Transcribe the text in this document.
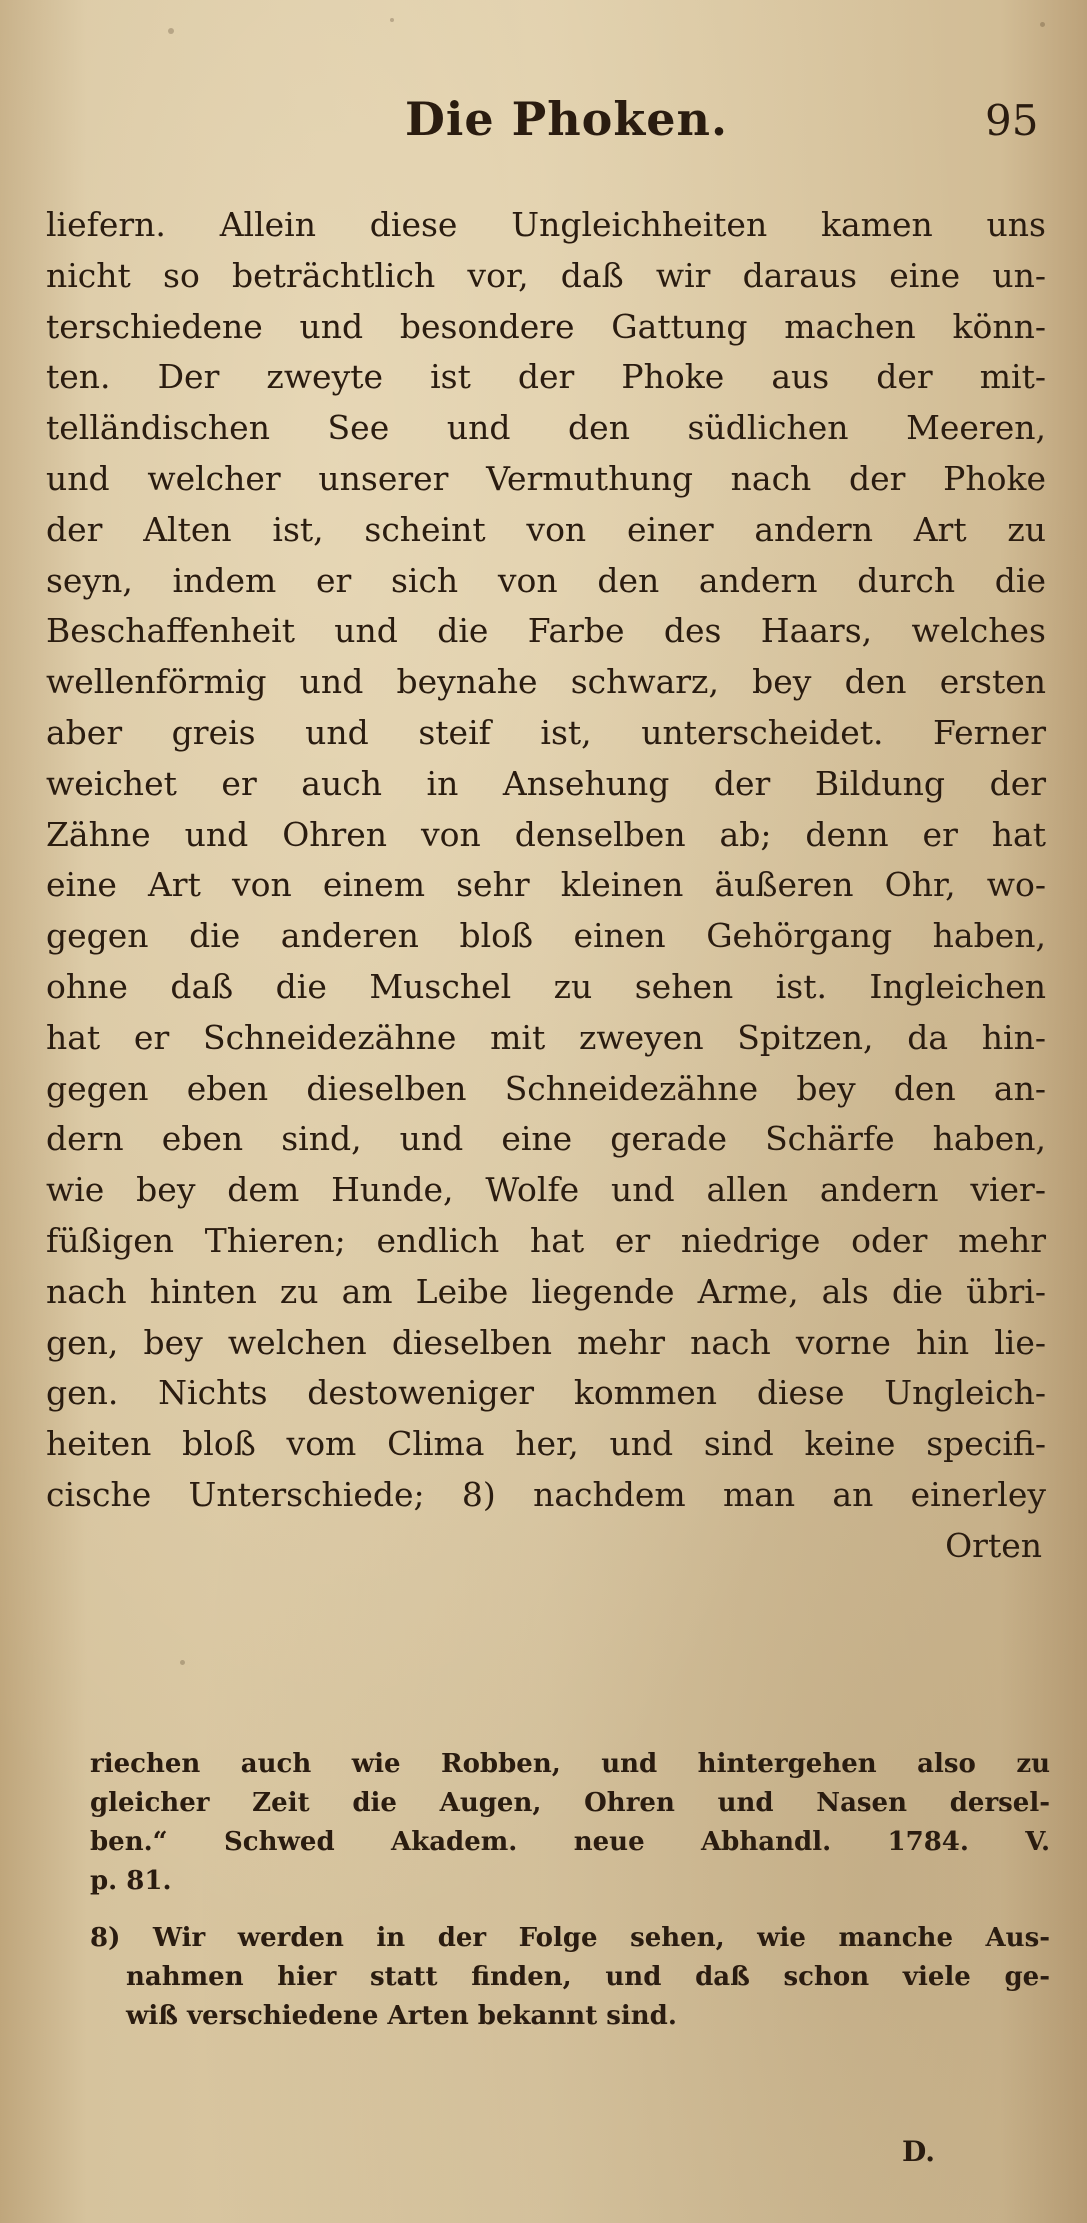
Die Phoken.	95
liefern. Allein diese Ungleichheiten kamen uns
nicht so beträchtlich vor, daß wir daraus eine un-
terschiedene und besondere Gattung machen könn-
ten. Der zweyte ist der Phoke aus der mit-
telländischen See und den südlichen Meeren,
und welcher unserer Vermuthung nach der Phoke
der Alten ist, scheint von einer andern Art zu
seyn, indem er sich von den andern durch die
Beschaffenheit und die Farbe des Haars, welches
wellenförmig und beynahe schwarz, bey den ersten
aber greis und steif ist, unterscheidet. Ferner
weichet er auch in Ansehung der Bildung der
Zähne und Ohren von denselben ab; denn er hat
eine Art von einem sehr kleinen äußeren Ohr, wo-
gegen die anderen bloß einen Gehörgang haben,
ohne daß die Muschel zu sehen ist. Ingleichen
hat er Schneidezähne mit zweyen Spitzen, da hin-
gegen eben dieselben Schneidezähne bey den an-
dern eben sind, und eine gerade Schärfe haben,
wie bey dem Hunde, Wolfe und allen andern vier-
füßigen Thieren; endlich hat er niedrige oder mehr
nach hinten zu am Leibe liegende Arme, als die übri-
gen, bey welchen dieselben mehr nach vorne hin lie-
gen. Nichts destoweniger kommen diese Ungleich-
heiten bloß vom Clima her, und sind keine specifi-
cische Unterschiede; 8) nachdem man an einerley
Orten
riechen auch wie Robben, und hintergehen also zu
gleicher Zeit die Augen, Ohren und Nasen dersel-
ben.“ Schwed Akadem. neue Abhandl. 1784. V.
p. 81.
8) Wir werden in der Folge sehen, wie manche Aus-
nahmen hier statt finden, und daß schon viele ge-
wiß verschiedene Arten bekannt sind.
D.
